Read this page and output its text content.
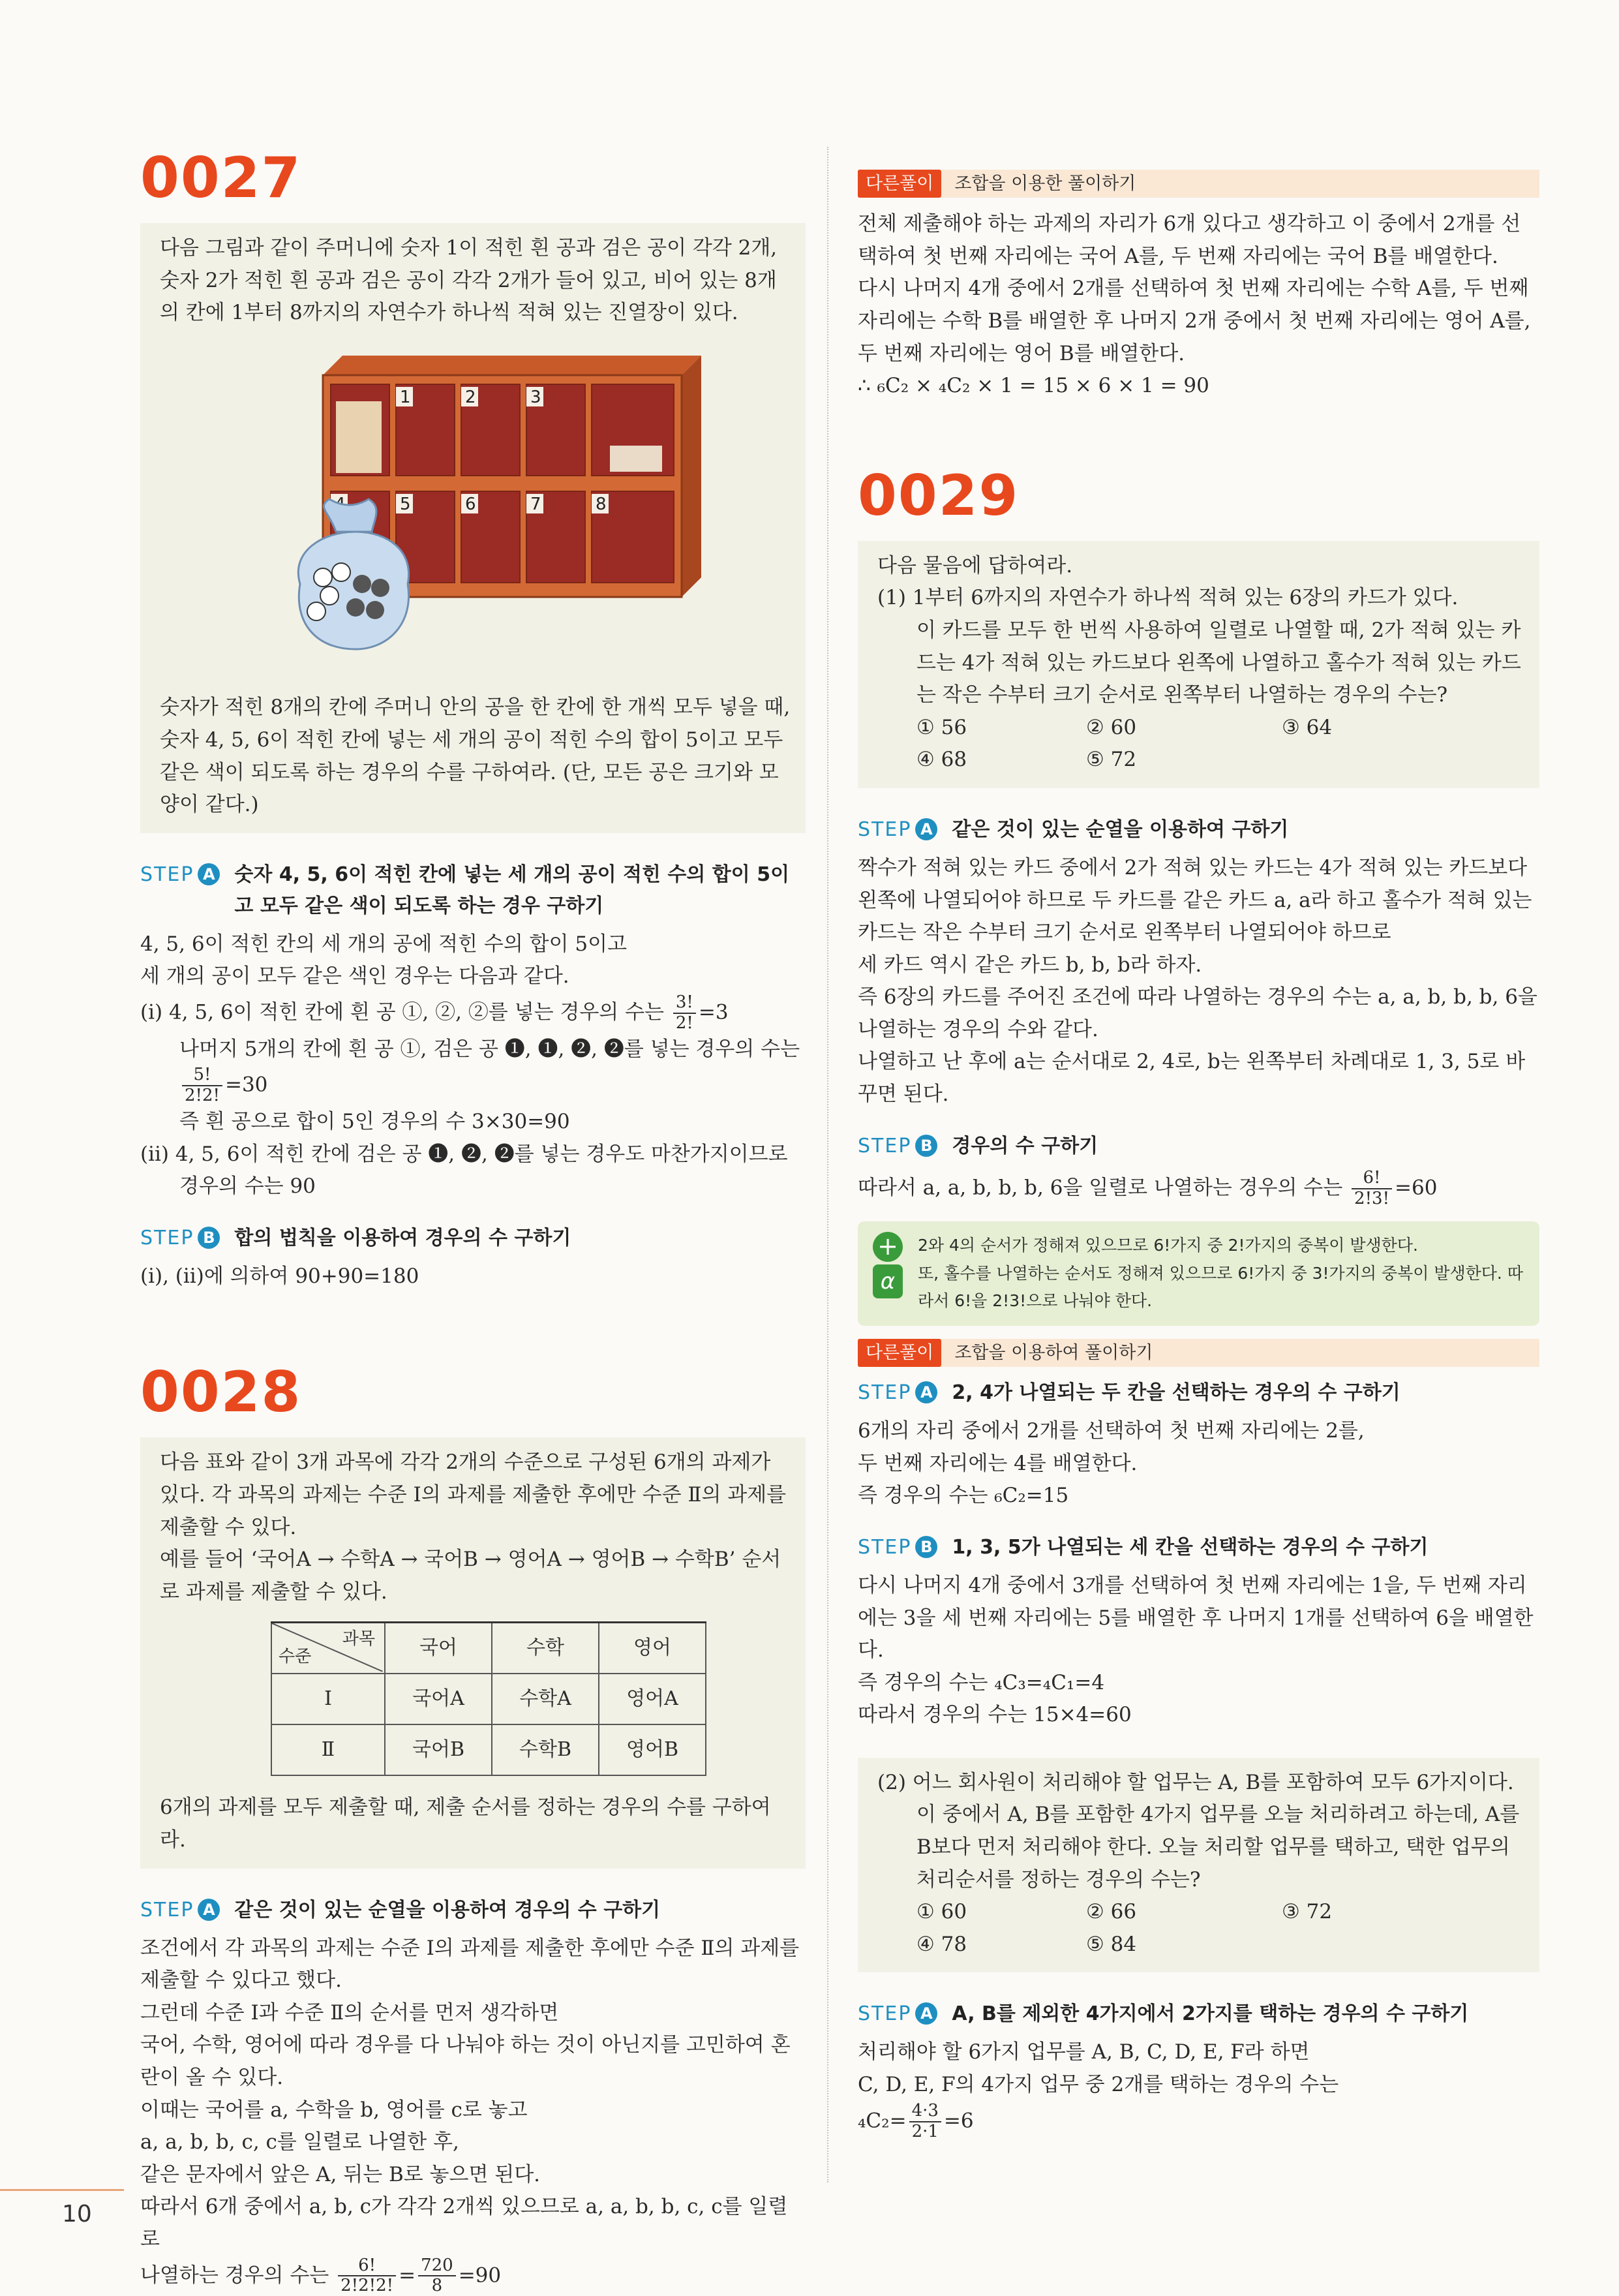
0027

다음 그림과 같이 주머니에 숫자 1이 적힌 흰 공과 검은 공이 각각 2개, 숫자 2가 적힌 흰 공과 검은 공이 각각 2개가 들어 있고, 비어 있는 8개의 칸에 1부터 8까지의 자연수가 하나씩 적혀 있는 진열장이 있다.

1	2	3
5	6	7	8

숫자가 적힌 8개의 칸에 주머니 안의 공을 한 칸에 한 개씩 모두 넣을 때, 숫자 4, 5, 6이 적힌 칸에 넣는 세 개의 공이 적힌 수의 합이 5이고 모두 같은 색이 되도록 하는 경우의 수를 구하여라. (단, 모든 공은 크기와 모양이 같다.)

STEP A 숫자 4, 5, 6이 적힌 칸에 넣는 세 개의 공이 적힌 수의 합이 5이고 모두 같은 색이 되도록 하는 경우 구하기

4, 5, 6이 적힌 칸의 세 개의 공에 적힌 수의 합이 5이고

세 개의 공이 모두 같은 색인 경우는 다음과 같다.

(ⅰ) 4, 5, 6이 적힌 칸에 흰 공 ①, ②, ②를 넣는 경우의 수는 $\frac{3!}{2!} =3$

나머지 5개의 칸에 흰 공 ①, 검은 공 ❶, ❶, ❷, ❷를 넣는 경우의 수는

$\frac{5!}{2!2!} =30$

즉 흰 공으로 합이 5인 경우의 수 3×30=90

(ⅱ) 4, 5, 6이 적힌 칸에 검은 공 ❶, ❷, ❷를 넣는 경우도 마찬가지이므로

경우의 수는 90

STEP B 합의 법칙을 이용하여 경우의 수 구하기

(ⅰ), (ⅱ)에 의하여 90+90=180

0028

다음 표와 같이 3개 과목에 각각 2개의 수준으로 구성된 6개의 과제가 있다. 각 과목의 과제는 수준 Ⅰ의 과제를 제출한 후에만 수준 Ⅱ의 과제를 제출할 수 있다.

예를 들어 ‘국어A → 수학A → 국어B → 영어A → 영어B → 수학B’ 순서로 과제를 제출할 수 있다.

과목
수준	국어	수학	영어
Ⅰ	국어A	수학A	영어A
Ⅱ	국어B	수학B	영어B

6개의 과제를 모두 제출할 때, 제출 순서를 정하는 경우의 수를 구하여라.

STEP A 같은 것이 있는 순열을 이용하여 경우의 수 구하기

조건에서 각 과목의 과제는 수준 Ⅰ의 과제를 제출한 후에만 수준 Ⅱ의 과제를 제출할 수 있다고 했다.

그런데 수준 Ⅰ과 수준 Ⅱ의 순서를 먼저 생각하면

국어, 수학, 영어에 따라 경우를 다 나눠야 하는 것이 아닌지를 고민하여 혼란이 올 수 있다.

이때는 국어를 a, 수학을 b, 영어를 c로 놓고

a, a, b, b, c, c를 일렬로 나열한 후,

같은 문자에서 앞은 A, 뒤는 B로 놓으면 된다.

따라서 6개 중에서 a, b, c가 각각 2개씩 있으므로 a, a, b, b, c, c를 일렬로

나열하는 경우의 수는 $\frac{6!}{2!2!2!} = \frac{720}{8} =90$

다른풀이	조합을 이용한 풀이하기

전체 제출해야 하는 과제의 자리가 6개 있다고 생각하고 이 중에서 2개를 선택하여 첫 번째 자리에는 국어 A를, 두 번째 자리에는 국어 B를 배열한다.

다시 나머지 4개 중에서 2개를 선택하여 첫 번째 자리에는 수학 A를, 두 번째 자리에는 수학 B를 배열한 후 나머지 2개 중에서 첫 번째 자리에는 영어 A를, 두 번째 자리에는 영어 B를 배열한다.

∴ ₆C₂ × ₄C₂ × 1 = 15 × 6 × 1 = 90

0029

다음 물음에 답하여라.

(1) 1부터 6까지의 자연수가 하나씩 적혀 있는 6장의 카드가 있다.

이 카드를 모두 한 번씩 사용하여 일렬로 나열할 때, 2가 적혀 있는 카드는 4가 적혀 있는 카드보다 왼쪽에 나열하고 홀수가 적혀 있는 카드는 작은 수부터 크기 순서로 왼쪽부터 나열하는 경우의 수는?

① 56	② 60	③ 64
④ 68	⑤ 72
STEP A 같은 것이 있는 순열을 이용하여 구하기

짝수가 적혀 있는 카드 중에서 2가 적혀 있는 카드는 4가 적혀 있는 카드보다 왼쪽에 나열되어야 하므로 두 카드를 같은 카드 a, a라 하고 홀수가 적혀 있는 카드는 작은 수부터 크기 순서로 왼쪽부터 나열되어야 하므로

세 카드 역시 같은 카드 b, b, b라 하자.

즉 6장의 카드를 주어진 조건에 따라 나열하는 경우의 수는 a, a, b, b, b, 6을 나열하는 경우의 수와 같다.

나열하고 난 후에 a는 순서대로 2, 4로, b는 왼쪽부터 차례대로 1, 3, 5로 바꾸면 된다.

STEP B 경우의 수 구하기

따라서 a, a, b, b, b, 6을 일렬로 나열하는 경우의 수는 $\frac{6!}{2!3!} =60$

+
α

2와 4의 순서가 정해져 있으므로 6!가지 중 2!가지의 중복이 발생한다.

또, 홀수를 나열하는 순서도 정해져 있으므로 6!가지 중 3!가지의 중복이 발생한다. 따라서 6!을 2!3!으로 나눠야 한다.

다른풀이	조합을 이용하여 풀이하기
STEP A 2, 4가 나열되는 두 칸을 선택하는 경우의 수 구하기

6개의 자리 중에서 2개를 선택하여 첫 번째 자리에는 2를,

두 번째 자리에는 4를 배열한다.

즉 경우의 수는 ₆C₂=15

STEP B 1, 3, 5가 나열되는 세 칸을 선택하는 경우의 수 구하기

다시 나머지 4개 중에서 3개를 선택하여 첫 번째 자리에는 1을, 두 번째 자리에는 3을 세 번째 자리에는 5를 배열한 후 나머지 1개를 선택하여 6을 배열한다.

즉 경우의 수는 ₄C₃=₄C₁=4

따라서 경우의 수는 15×4=60

(2) 어느 회사원이 처리해야 할 업무는 A, B를 포함하여 모두 6가지이다.

이 중에서 A, B를 포함한 4가지 업무를 오늘 처리하려고 하는데, A를 B보다 먼저 처리해야 한다. 오늘 처리할 업무를 택하고, 택한 업무의 처리순서를 정하는 경우의 수는?

① 60	② 66	③ 72
④ 78	⑤ 84
STEP A A, B를 제외한 4가지에서 2가지를 택하는 경우의 수 구하기

처리해야 할 6가지 업무를 A, B, C, D, E, F라 하면

C, D, E, F의 4가지 업무 중 2개를 택하는 경우의 수는

$_4C_2= \frac{4\cdot 3}{2\cdot 1} =6$

10
